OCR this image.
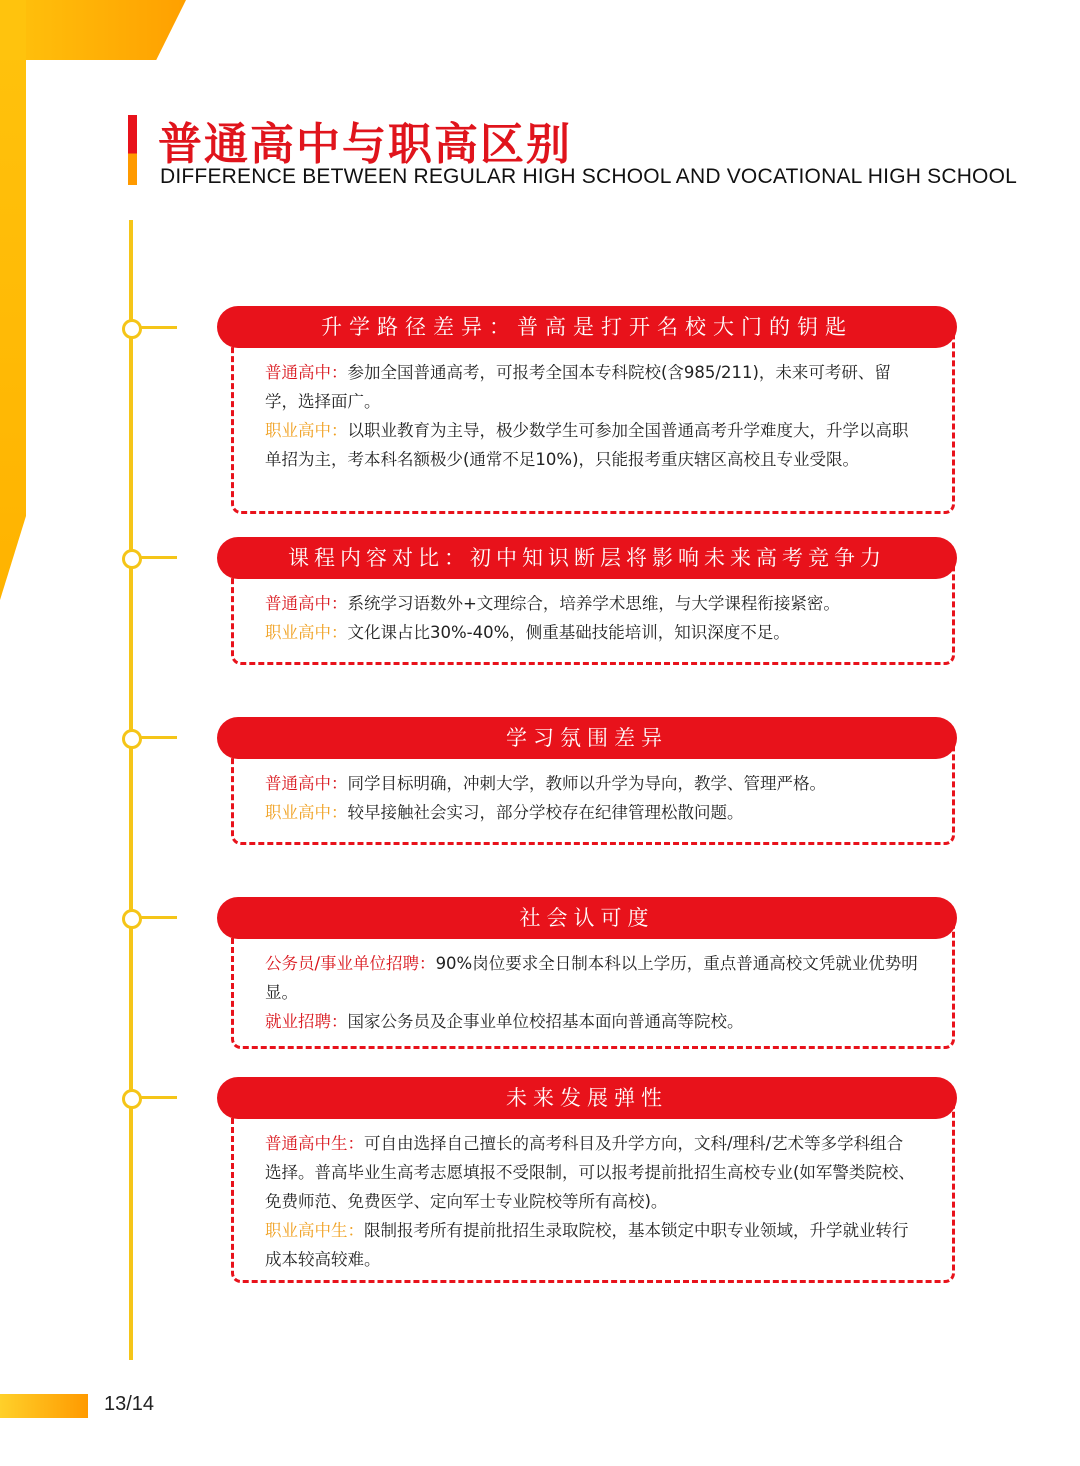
普通高中与职高区别
DIFFERENCE BETWEEN REGULAR HIGH SCHOOL AND VOCATIONAL HIGH SCHOOL
升学路径差异：普高是打开名校大门的钥匙

普通高中：参加全国普通高考，可报考全国本专科院校(含985/211)，未来可考研、留学，选择面广。

职业高中：以职业教育为主导，极少数学生可参加全国普通高考升学难度大，升学以高职单招为主，考本科名额极少(通常不足10%)，只能报考重庆辖区高校且专业受限。

课程内容对比：初中知识断层将影响未来高考竞争力

普通高中：系统学习语数外+文理综合，培养学术思维，与大学课程衔接紧密。

职业高中：文化课占比30%-40%，侧重基础技能培训，知识深度不足。

学习氛围差异

普通高中：同学目标明确，冲刺大学，教师以升学为导向，教学、管理严格。

职业高中：较早接触社会实习，部分学校存在纪律管理松散问题。

社会认可度

公务员/事业单位招聘：90%岗位要求全日制本科以上学历，重点普通高校文凭就业优势明显。

就业招聘：国家公务员及企事业单位校招基本面向普通高等院校。

未来发展弹性

普通高中生：可自由选择自己擅长的高考科目及升学方向，文科/理科/艺术等多学科组合选择。普高毕业生高考志愿填报不受限制，可以报考提前批招生高校专业(如军警类院校、免费师范、免费医学、定向军士专业院校等所有高校)。

职业高中生：限制报考所有提前批招生录取院校，基本锁定中职专业领域，升学就业转行成本较高较难。

13/14
